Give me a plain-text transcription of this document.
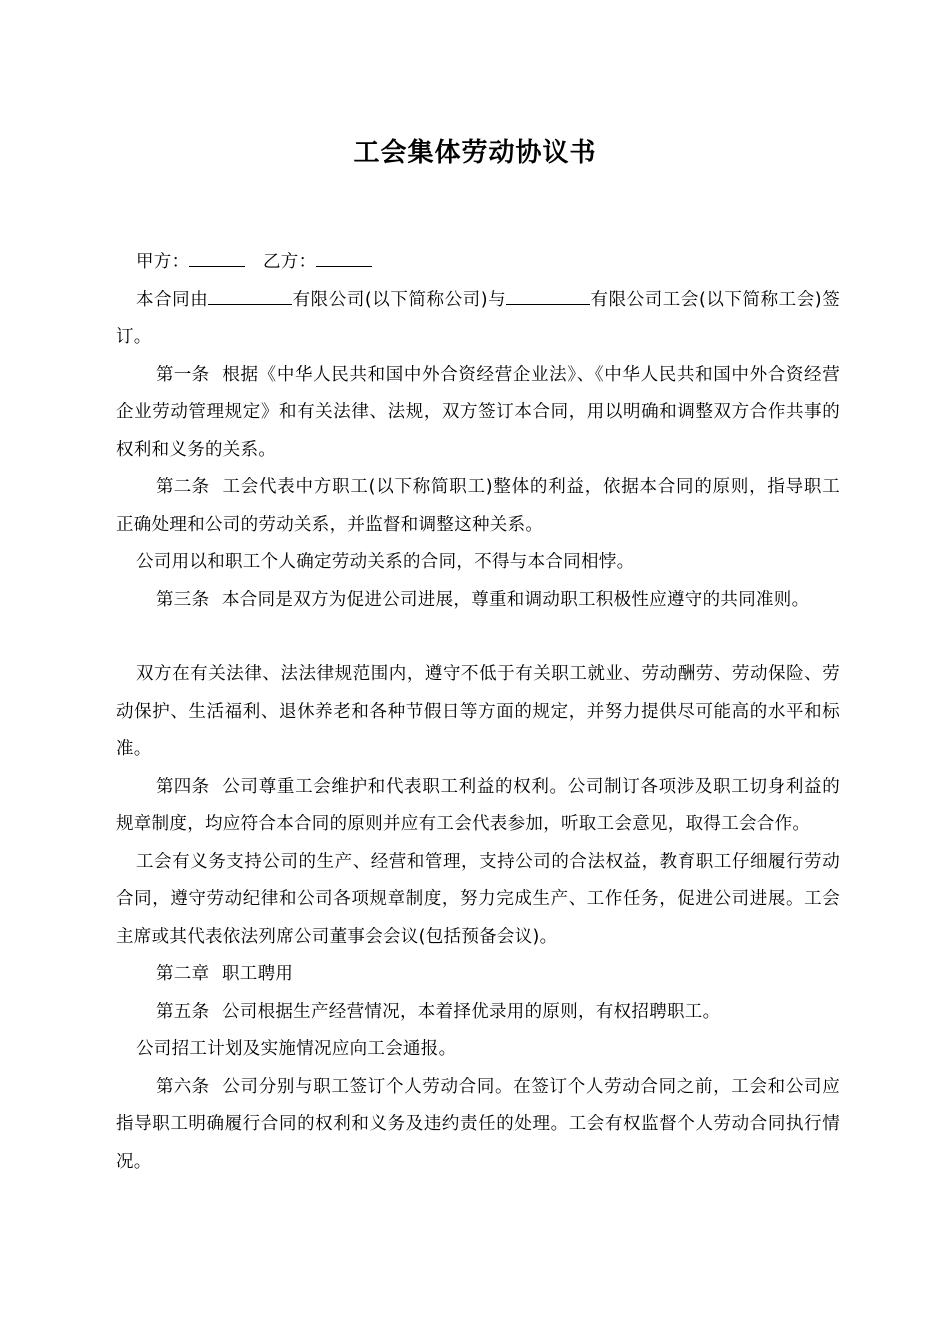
工会集体劳动协议书

甲方：	乙方：

本合同由	有限公司(以下简称公司)与	有限公司工会(以下简称工会)签订。

第一条 根据《中华人民共和国中外合资经营企业法》、《中华人民共和国中外合资经营企业劳动管理规定》和有关法律、法规，双方签订本合同，用以明确和调整双方合作共事的权利和义务的关系。

第二条 工会代表中方职工(以下称简职工)整体的利益，依据本合同的原则，指导职工正确处理和公司的劳动关系，并监督和调整这种关系。

公司用以和职工个人确定劳动关系的合同，不得与本合同相悖。

第三条 本合同是双方为促进公司进展，尊重和调动职工积极性应遵守的共同准则。

双方在有关法律、法法律规范围内，遵守不低于有关职工就业、劳动酬劳、劳动保险、劳动保护、生活福利、退休养老和各种节假日等方面的规定，并努力提供尽可能高的水平和标准。

第四条 公司尊重工会维护和代表职工利益的权利。公司制订各项涉及职工切身利益的规章制度，均应符合本合同的原则并应有工会代表参加，听取工会意见，取得工会合作。

工会有义务支持公司的生产、经营和管理，支持公司的合法权益，教育职工仔细履行劳动合同，遵守劳动纪律和公司各项规章制度，努力完成生产、工作任务，促进公司进展。工会主席或其代表依法列席公司董事会会议(包括预备会议)。

第二章 职工聘用

第五条 公司根据生产经营情况，本着择优录用的原则，有权招聘职工。

公司招工计划及实施情况应向工会通报。

第六条 公司分别与职工签订个人劳动合同。在签订个人劳动合同之前，工会和公司应指导职工明确履行合同的权利和义务及违约责任的处理。工会有权监督个人劳动合同执行情况。
